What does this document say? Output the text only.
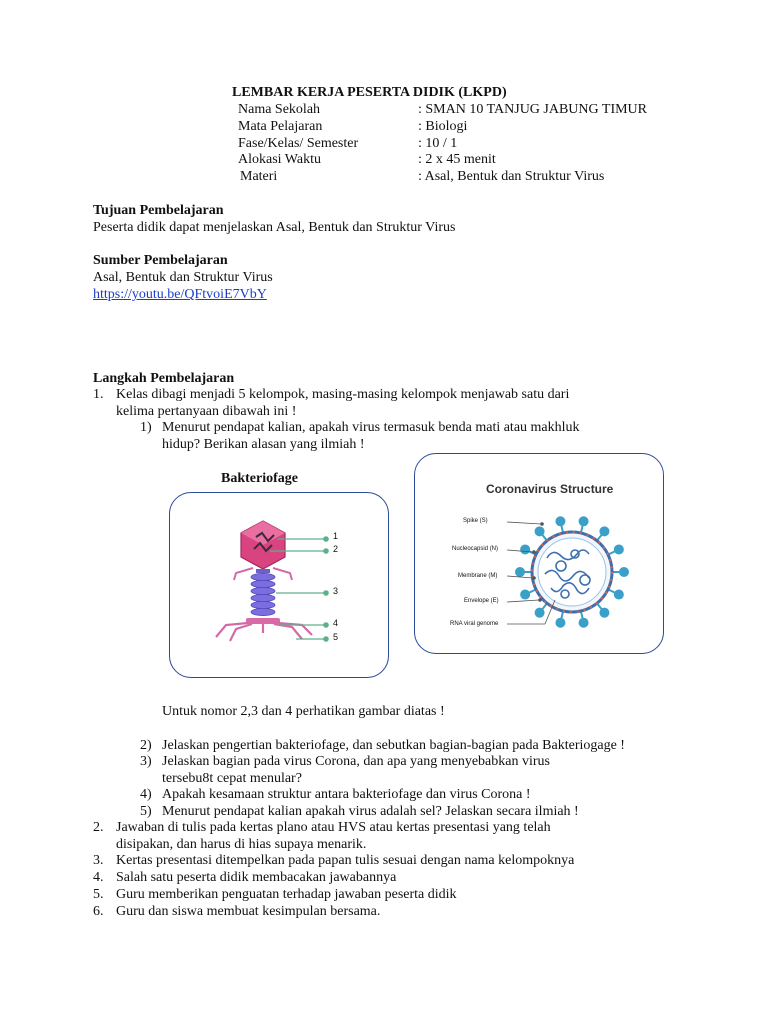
LEMBAR KERJA PESERTA DIDIK (LKPD)
Nama Sekolah	: SMAN 10 TANJUG JABUNG TIMUR
Mata Pelajaran	: Biologi
Fase/Kelas/ Semester	: 10 / 1
Alokasi Waktu	: 2 x 45 menit
Materi	: Asal, Bentuk dan Struktur Virus
Tujuan Pembelajaran
Peserta didik dapat menjelaskan Asal, Bentuk dan Struktur Virus
Sumber Pembelajaran
Asal, Bentuk dan Struktur Virus
https://youtu.be/QFtvoiE7VbY
Langkah Pembelajaran
1. Kelas dibagi menjadi 5 kelompok, masing-masing kelompok menjawab satu dari
kelima pertanyaan dibawah ini !
1) Menurut pendapat kalian, apakah virus termasuk benda mati atau makhluk
hidup? Berikan alasan yang ilmiah !
Bakteriofage
1
2
3
4
5
Coronavirus Structure
Spike (S)
Nucleocapsid (N)
Membrane (M)
Envelope (E)
RNA viral genome
Untuk nomor 2,3 dan 4 perhatikan gambar diatas !
2) Jelaskan pengertian bakteriofage, dan sebutkan bagian-bagian pada Bakteriogage !
3) Jelaskan bagian pada virus Corona, dan apa yang menyebabkan virus
tersebu8t cepat menular?
4) Apakah kesamaan struktur antara bakteriofage dan virus Corona !
5) Menurut pendapat kalian apakah virus adalah sel? Jelaskan secara ilmiah !
2. Jawaban di tulis pada kertas plano atau HVS atau kertas presentasi yang telah
disipakan, dan harus di hias supaya menarik.
3. Kertas presentasi ditempelkan pada papan tulis sesuai dengan nama kelompoknya
4. Salah satu peserta didik membacakan jawabannya
5. Guru memberikan penguatan terhadap jawaban peserta didik
6. Guru dan siswa membuat kesimpulan bersama.
